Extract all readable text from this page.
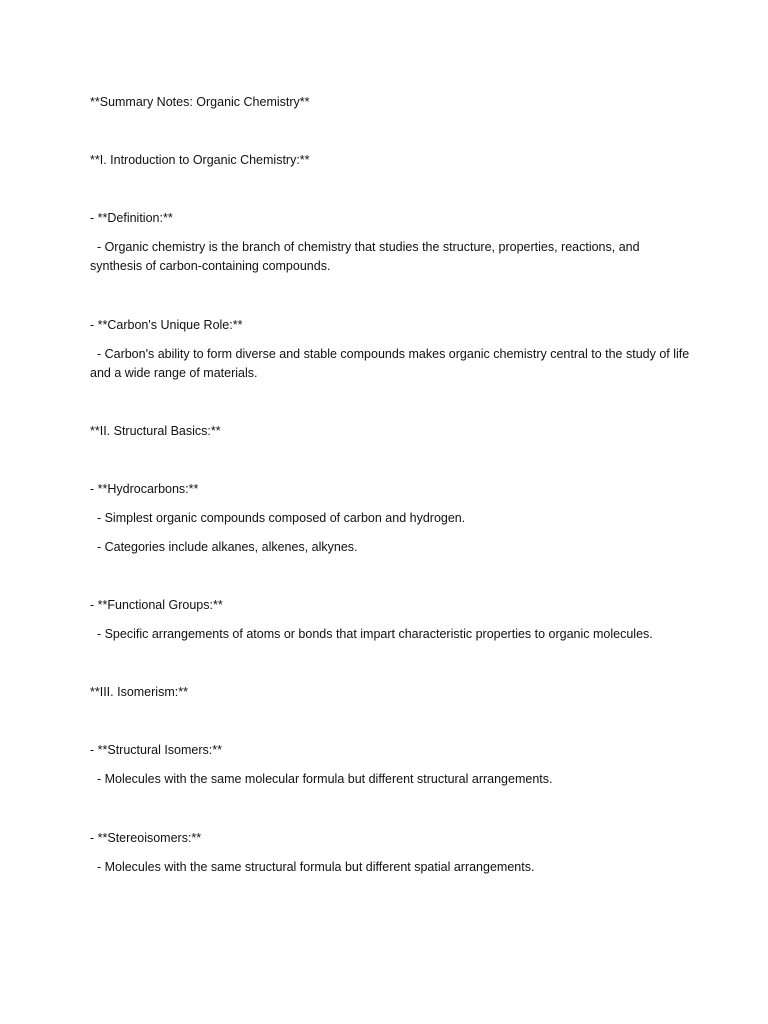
**Summary Notes: Organic Chemistry**

**I. Introduction to Organic Chemistry:**

- **Definition:**

- Organic chemistry is the branch of chemistry that studies the structure, properties, reactions, and synthesis of carbon-containing compounds.

- **Carbon's Unique Role:**

- Carbon's ability to form diverse and stable compounds makes organic chemistry central to the study of life and a wide range of materials.

**II. Structural Basics:**

- **Hydrocarbons:**

- Simplest organic compounds composed of carbon and hydrogen.

- Categories include alkanes, alkenes, alkynes.

- **Functional Groups:**

- Specific arrangements of atoms or bonds that impart characteristic properties to organic molecules.

**III. Isomerism:**

- **Structural Isomers:**

- Molecules with the same molecular formula but different structural arrangements.

- **Stereoisomers:**

- Molecules with the same structural formula but different spatial arrangements.
